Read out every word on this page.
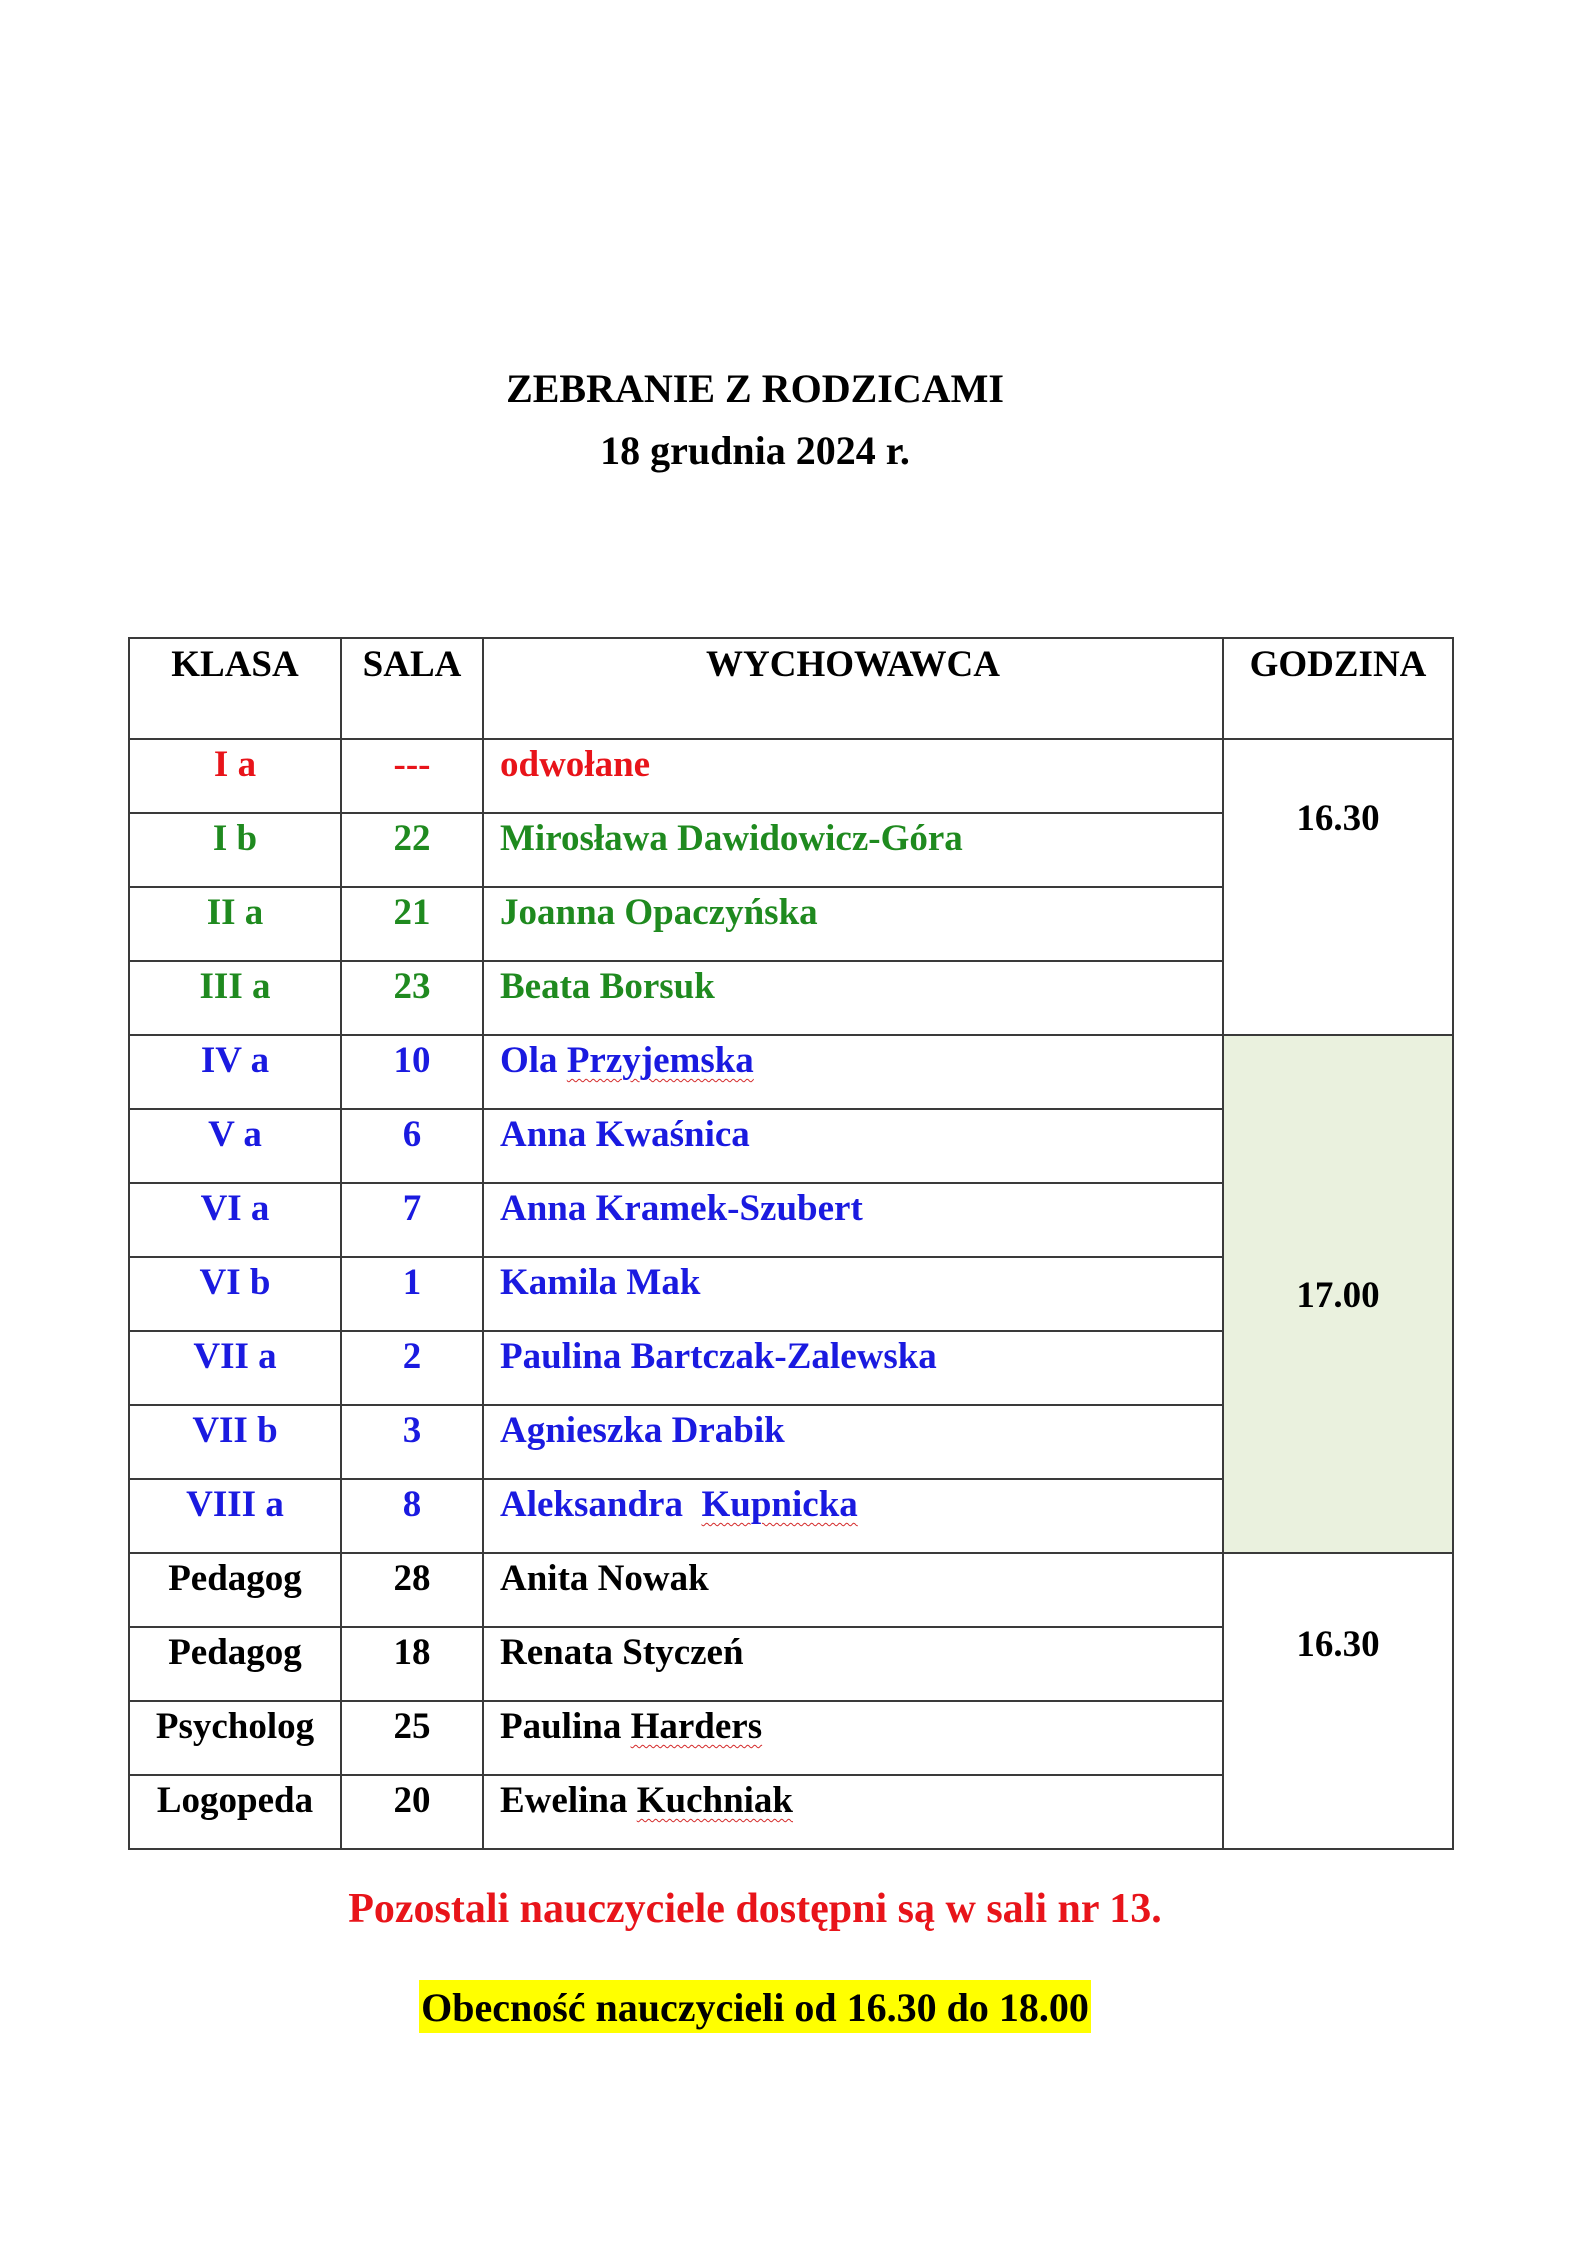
ZEBRANIE Z RODZICAMI
18 grudnia 2024 r.
KLASA	SALA	WYCHOWAWCA	GODZINA
I a	---	odwołane	16.30
I b	22	Mirosława Dawidowicz-Góra	
II a	21	Joanna Opaczyńska	
III a	23	Beata Borsuk	
IV a	10	Ola Przyjemska	17.00
V a	6	Anna Kwaśnica	
VI a	7	Anna Kramek-Szubert	
VI b	1	Kamila Mak	
VII a	2	Paulina Bartczak-Zalewska	
VII b	3	Agnieszka Drabik	
VIII a	8	Aleksandra Kupnicka	
Pedagog	28	Anita Nowak	16.30
Pedagog	18	Renata Styczeń	
Psycholog	25	Paulina Harders	
Logopeda	20	Ewelina Kuchniak	
Pozostali nauczyciele dostępni są w sali nr 13.
Obecność nauczycieli od 16.30 do 18.00
